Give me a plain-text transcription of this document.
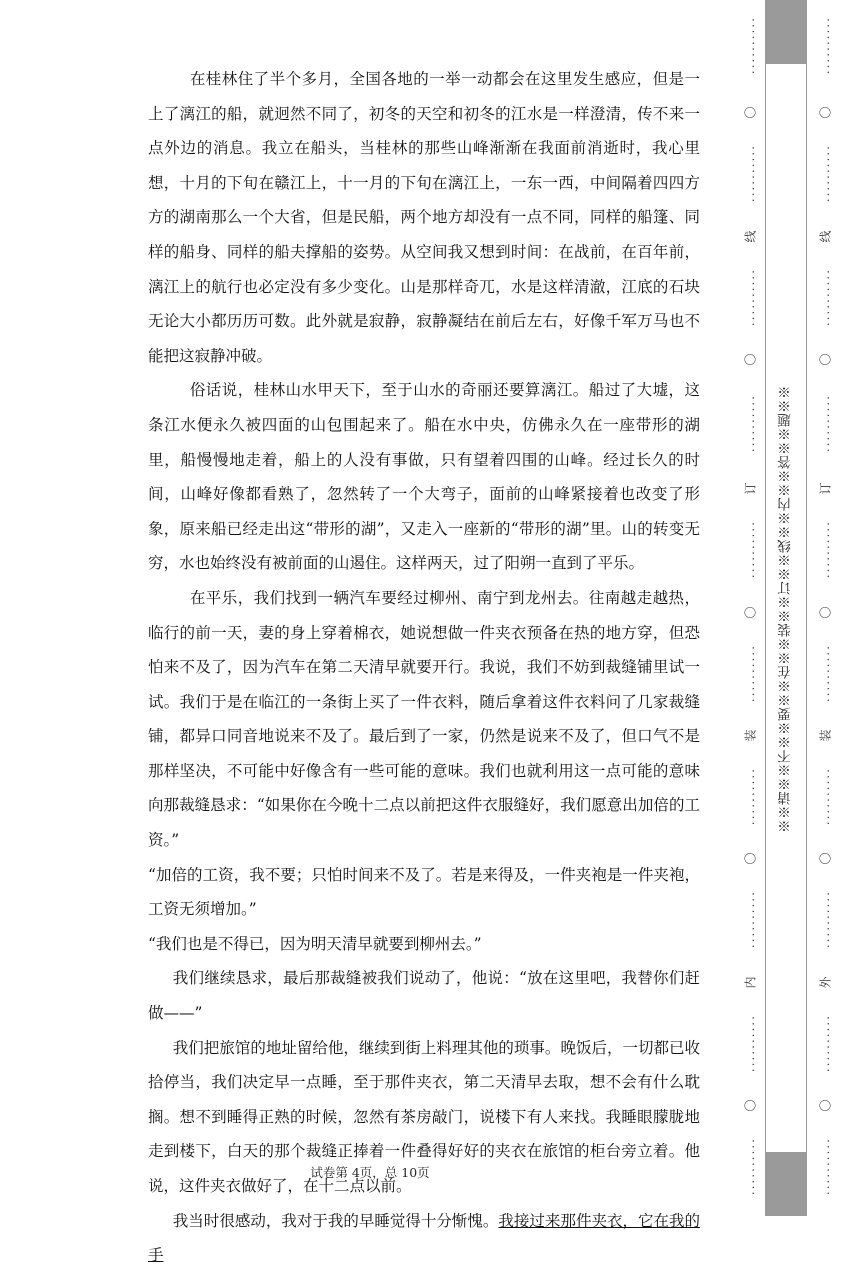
在桂林住了半个多月，全国各地的一举一动都会在这里发生感应，但是一上了漓江的船，就迥然不同了，初冬的天空和初冬的江水是一样澄清，传不来一点外边的消息。我立在船头，当桂林的那些山峰渐渐在我面前消逝时，我心里想，十月的下旬在赣江上，十一月的下旬在漓江上，一东一西，中间隔着四四方方的湖南那么一个大省，但是民船，两个地方却没有一点不同，同样的船篷、同样的船身、同样的船夫撑船的姿势。从空间我又想到时间：在战前，在百年前，漓江上的航行也必定没有多少变化。山是那样奇兀，水是这样清澈，江底的石块无论大小都历历可数。此外就是寂静，寂静凝结在前后左右，好像千军万马也不能把这寂静冲破。

俗话说，桂林山水甲天下，至于山水的奇丽还要算漓江。船过了大墟，这条江水便永久被四面的山包围起来了。船在水中央，仿佛永久在一座带形的湖里，船慢慢地走着，船上的人没有事做，只有望着四围的山峰。经过长久的时间，山峰好像都看熟了，忽然转了一个大弯子，面前的山峰紧接着也改变了形象，原来船已经走出这“带形的湖”，又走入一座新的“带形的湖”里。山的转变无穷，水也始终没有被前面的山遏住。这样两天，过了阳朔一直到了平乐。

在平乐，我们找到一辆汽车要经过柳州、南宁到龙州去。往南越走越热，临行的前一天，妻的身上穿着棉衣，她说想做一件夹衣预备在热的地方穿，但恐怕来不及了，因为汽车在第二天清早就要开行。我说，我们不妨到裁缝铺里试一试。我们于是在临江的一条街上买了一件衣料，随后拿着这件衣料问了几家裁缝铺，都异口同音地说来不及了。最后到了一家，仍然是说来不及了，但口气不是那样坚决，不可能中好像含有一些可能的意味。我们也就利用这一点可能的意味向那裁缝恳求：“如果你在今晚十二点以前把这件衣服缝好，我们愿意出加倍的工资。”

“加倍的工资，我不要；只怕时间来不及了。若是来得及，一件夹袍是一件夹袍，工资无须增加。”

“我们也是不得已，因为明天清早就要到柳州去。”

我们继续恳求，最后那裁缝被我们说动了，他说：“放在这里吧，我替你们赶做——”

我们把旅馆的地址留给他，继续到街上料理其他的琐事。晚饭后，一切都已收拾停当，我们决定早一点睡，至于那件夹衣，第二天清早去取，想不会有什么耽搁。想不到睡得正熟的时候，忽然有茶房敲门，说楼下有人来找。我睡眼朦胧地走到楼下，白天的那个裁缝正捧着一件叠得好好的夹衣在旅馆的柜台旁立着。他说，这件夹衣做好了，在十二点以前。

我当时很感动，我对于我的早睡觉得十分惭愧。我接过来那件夹衣，它在我的手

试卷第 4页，总 10页
··········
〇
··········
线
··········
〇
··········
订
··········
〇
··········
装
··········
〇
··········
内
··········
〇
··········
※※请※※不※※要※※在※※装※※订※※线※※内※※答※※题※※
··········
〇
··········
线
··········
〇
··········
订
··········
〇
··········
装
··········
〇
··········
外
··········
〇
··········
